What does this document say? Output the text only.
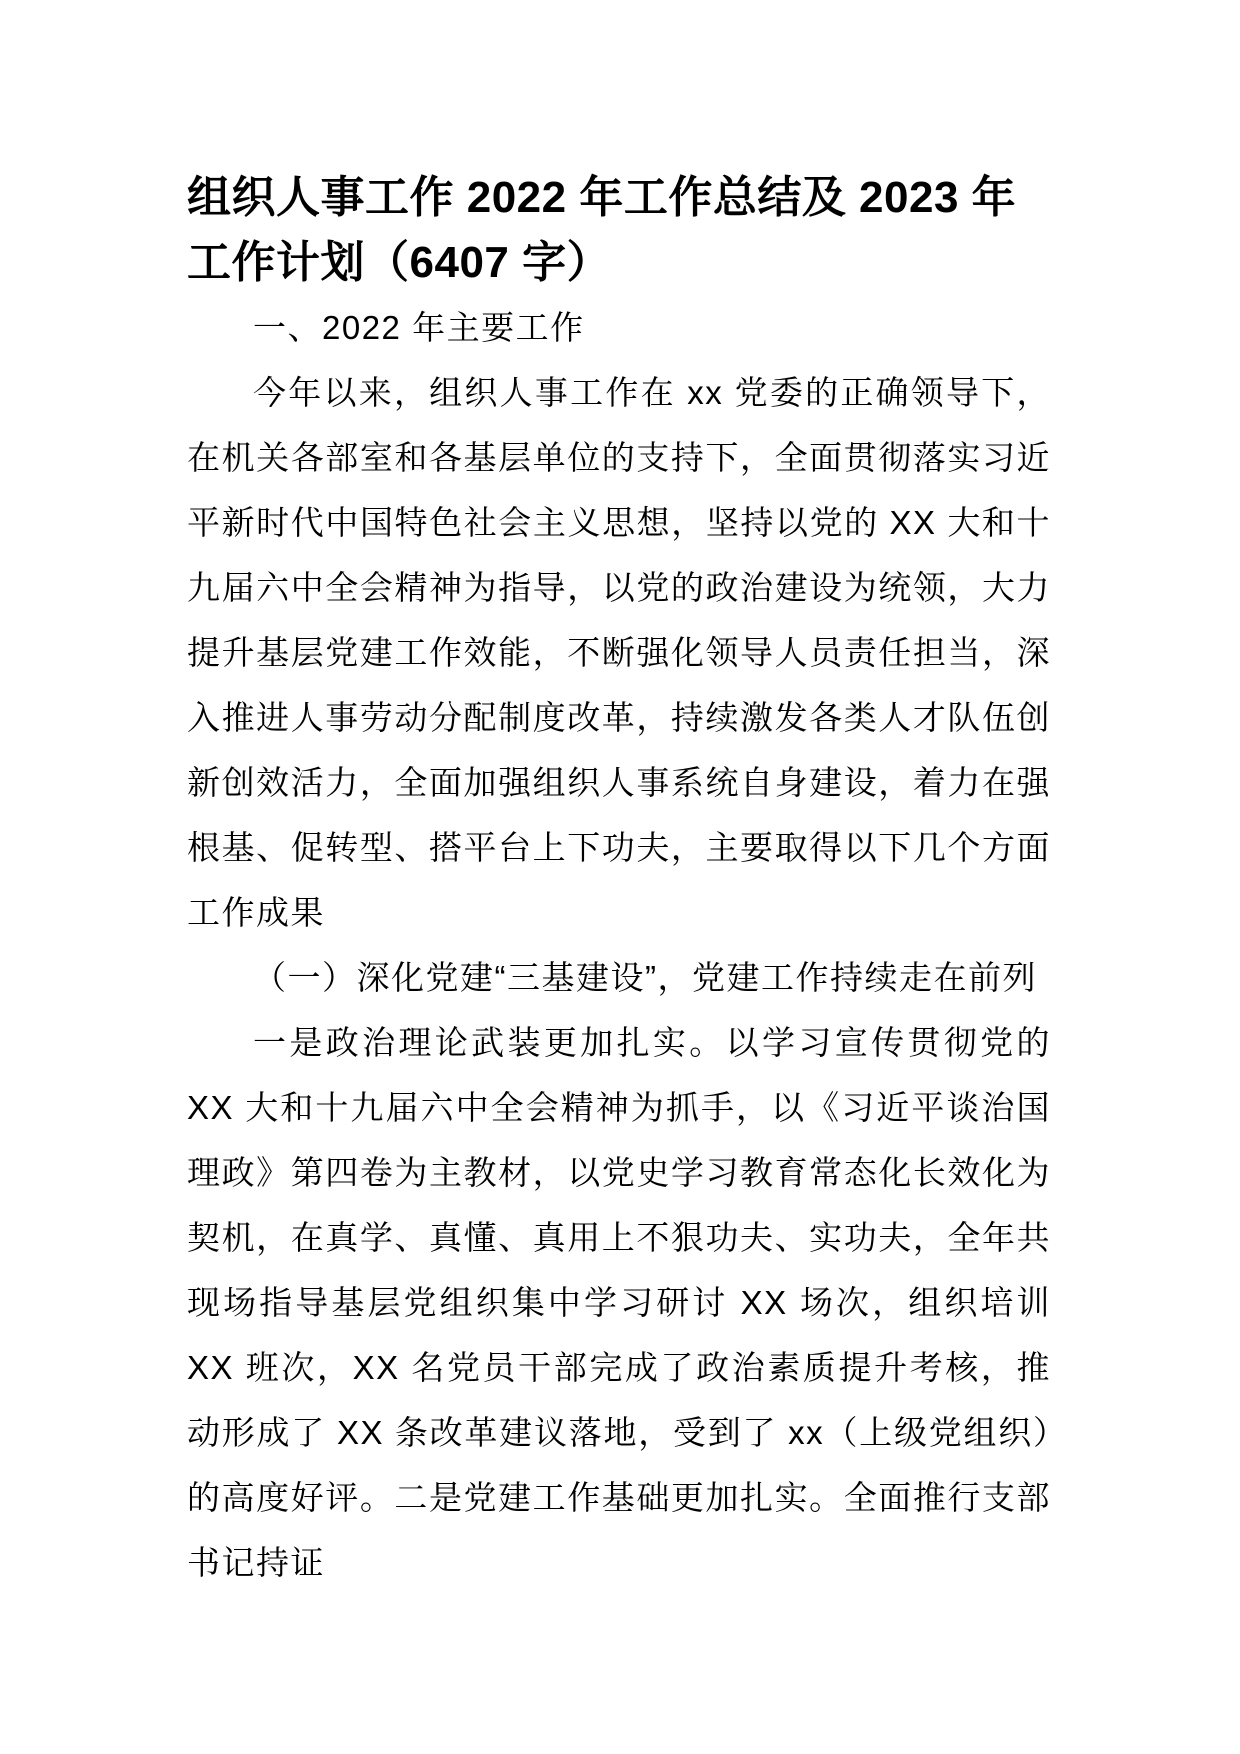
组织人事工作 2022 年工作总结及 2023 年工作计划（6407 字）

一、2022 年主要工作

今年以来，组织人事工作在 xx 党委的正确领导下，在机关各部室和各基层单位的支持下，全面贯彻落实习近平新时代中国特色社会主义思想，坚持以党的 XX 大和十九届六中全会精神为指导，以党的政治建设为统领，大力提升基层党建工作效能，不断强化领导人员责任担当，深入推进人事劳动分配制度改革，持续激发各类人才队伍创新创效活力，全面加强组织人事系统自身建设，着力在强根基、促转型、搭平台上下功夫，主要取得以下几个方面工作成果

（一）深化党建“三基建设”，党建工作持续走在前列

一是政治理论武装更加扎实。以学习宣传贯彻党的 XX 大和十九届六中全会精神为抓手，以《习近平谈治国理政》第四卷为主教材，以党史学习教育常态化长效化为契机，在真学、真懂、真用上不狠功夫、实功夫，全年共现场指导基层党组织集中学习研讨 XX 场次，组织培训 XX 班次，XX 名党员干部完成了政治素质提升考核，推动形成了 XX 条改革建议落地，受到了 xx（上级党组织）的高度好评。二是党建工作基础更加扎实。全面推行支部书记持证
